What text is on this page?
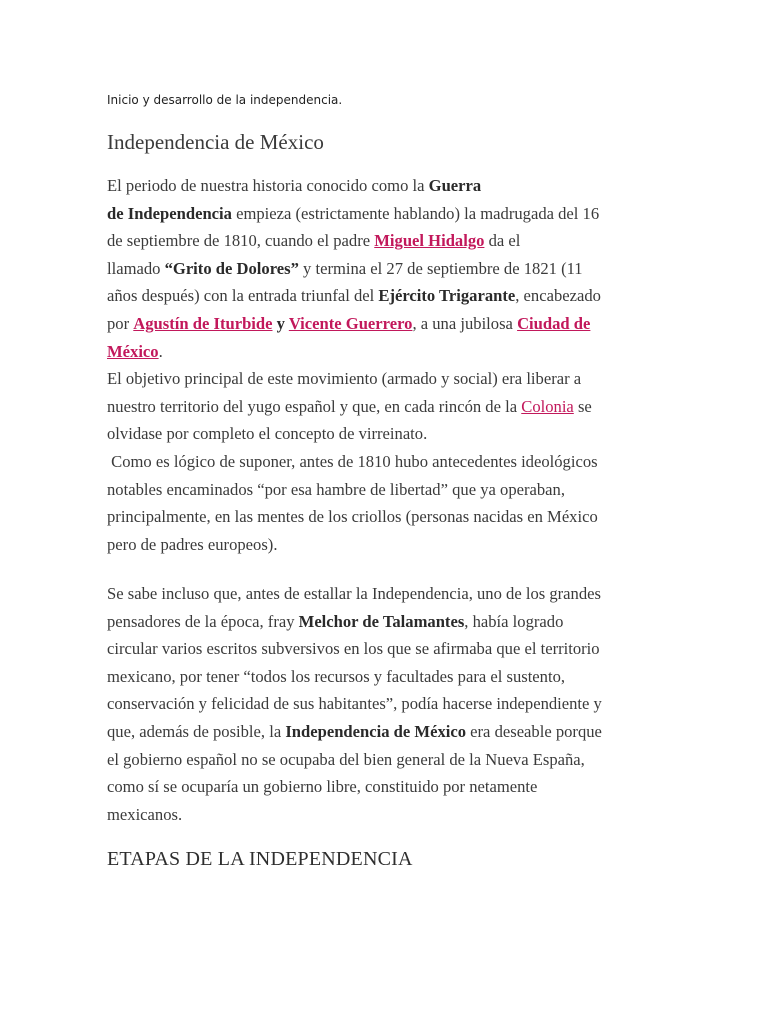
Inicio y desarrollo de la independencia.
Independencia de México
El periodo de nuestra historia conocido como la Guerra
de Independencia empieza (estrictamente hablando) la madrugada del 16
de septiembre de 1810, cuando el padre Miguel Hidalgo da el
llamado “Grito de Dolores” y termina el 27 de septiembre de 1821 (11
años después) con la entrada triunfal del Ejército Trigarante, encabezado
por Agustín de Iturbide y Vicente Guerrero, a una jubilosa Ciudad de
México.
El objetivo principal de este movimiento (armado y social) era liberar a
nuestro territorio del yugo español y que, en cada rincón de la Colonia se
olvidase por completo el concepto de virreinato.
Como es lógico de suponer, antes de 1810 hubo antecedentes ideológicos
notables encaminados “por esa hambre de libertad” que ya operaban,
principalmente, en las mentes de los criollos (personas nacidas en México
pero de padres europeos).
Se sabe incluso que, antes de estallar la Independencia, uno de los grandes
pensadores de la época, fray Melchor de Talamantes, había logrado
circular varios escritos subversivos en los que se afirmaba que el territorio
mexicano, por tener “todos los recursos y facultades para el sustento,
conservación y felicidad de sus habitantes”, podía hacerse independiente y
que, además de posible, la Independencia de México era deseable porque
el gobierno español no se ocupaba del bien general de la Nueva España,
como sí se ocuparía un gobierno libre, constituido por netamente
mexicanos.
ETAPAS DE LA INDEPENDENCIA
